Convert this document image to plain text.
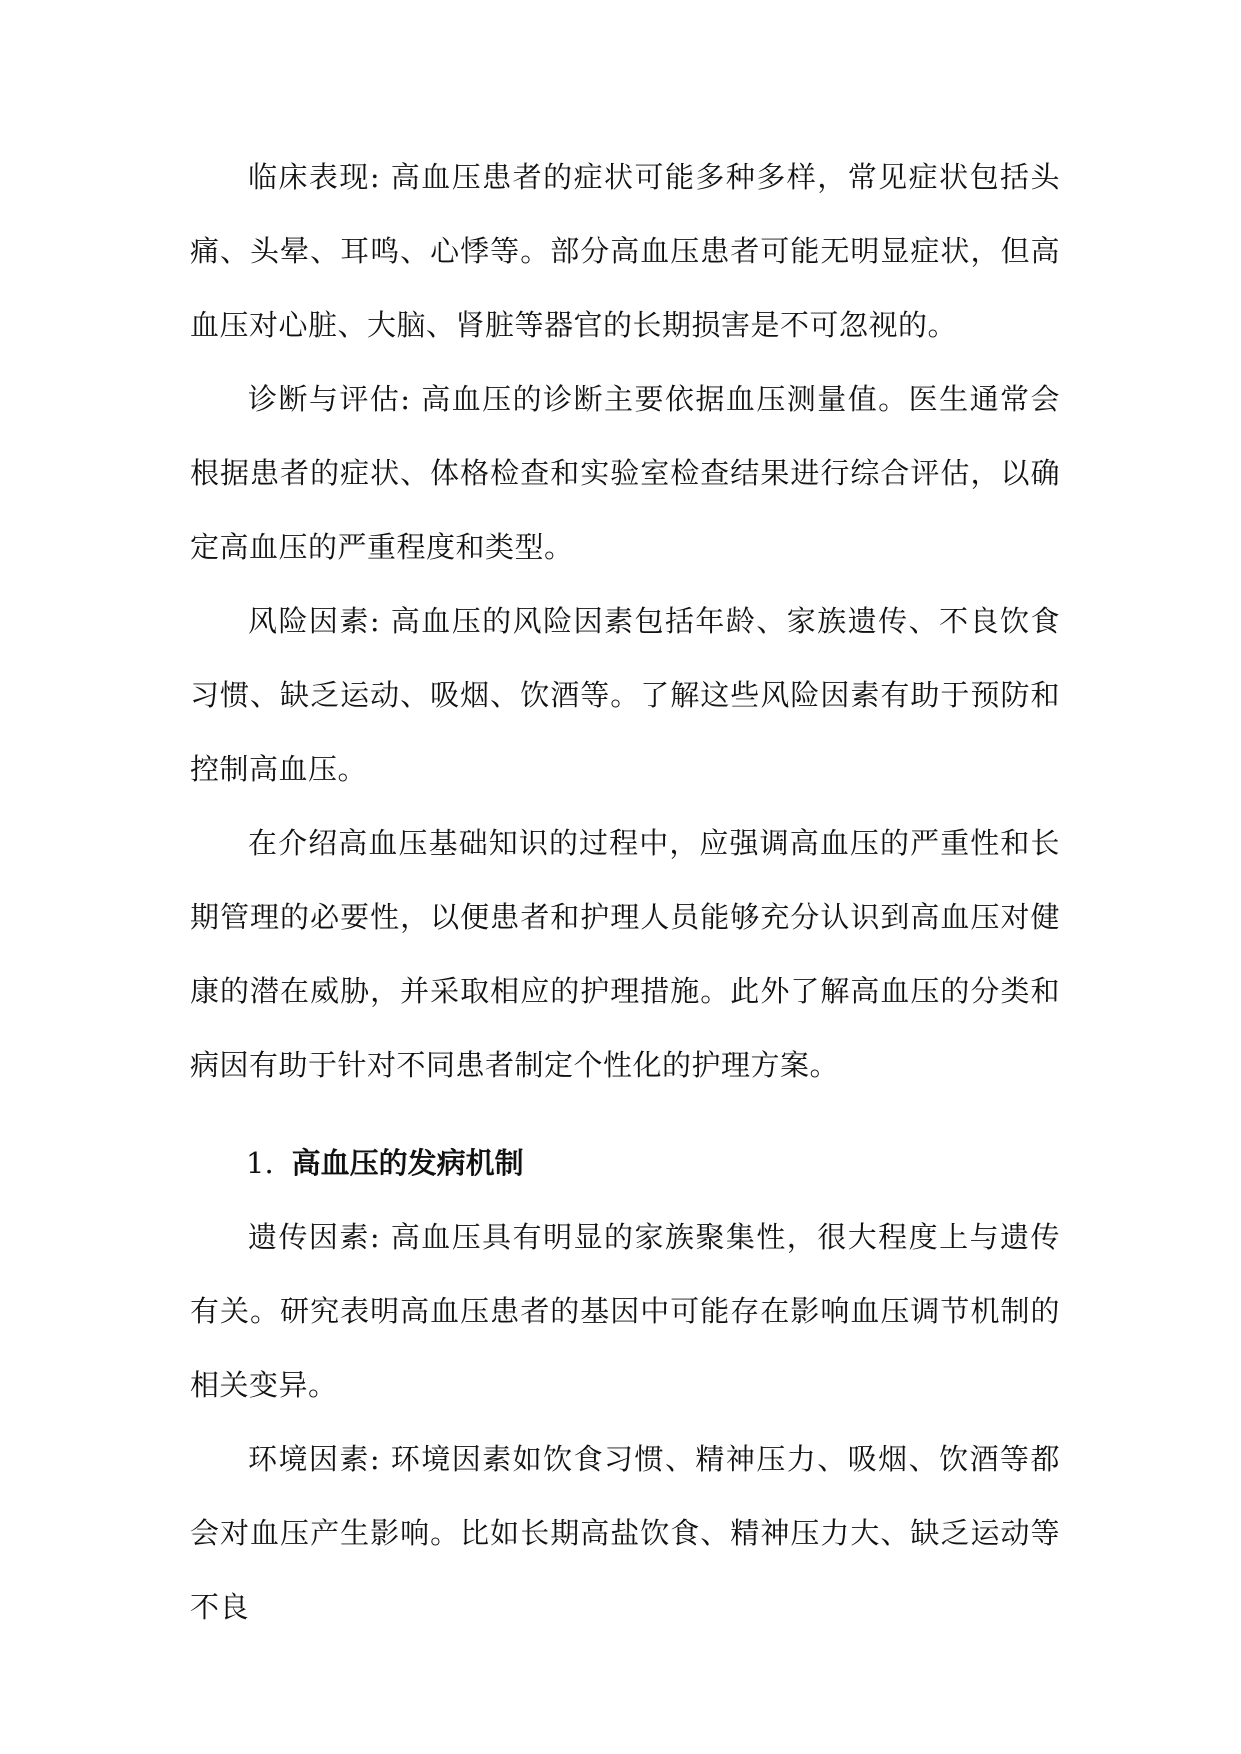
临床表现: 高血压患者的症状可能多种多样，常见症状包括头痛、头晕、耳鸣、心悸等。部分高血压患者可能无明显症状，但高血压对心脏、大脑、肾脏等器官的长期损害是不可忽视的。

诊断与评估: 高血压的诊断主要依据血压测量值。医生通常会根据患者的症状、体格检查和实验室检查结果进行综合评估，以确定高血压的严重程度和类型。

风险因素: 高血压的风险因素包括年龄、家族遗传、不良饮食习惯、缺乏运动、吸烟、饮酒等。了解这些风险因素有助于预防和控制高血压。

在介绍高血压基础知识的过程中，应强调高血压的严重性和长期管理的必要性，以便患者和护理人员能够充分认识到高血压对健康的潜在威胁，并采取相应的护理措施。此外了解高血压的分类和病因有助于针对不同患者制定个性化的护理方案。

1. 高血压的发病机制

遗传因素: 高血压具有明显的家族聚集性，很大程度上与遗传有关。研究表明高血压患者的基因中可能存在影响血压调节机制的相关变异。

环境因素: 环境因素如饮食习惯、精神压力、吸烟、饮酒等都会对血压产生影响。比如长期高盐饮食、精神压力大、缺乏运动等不良
